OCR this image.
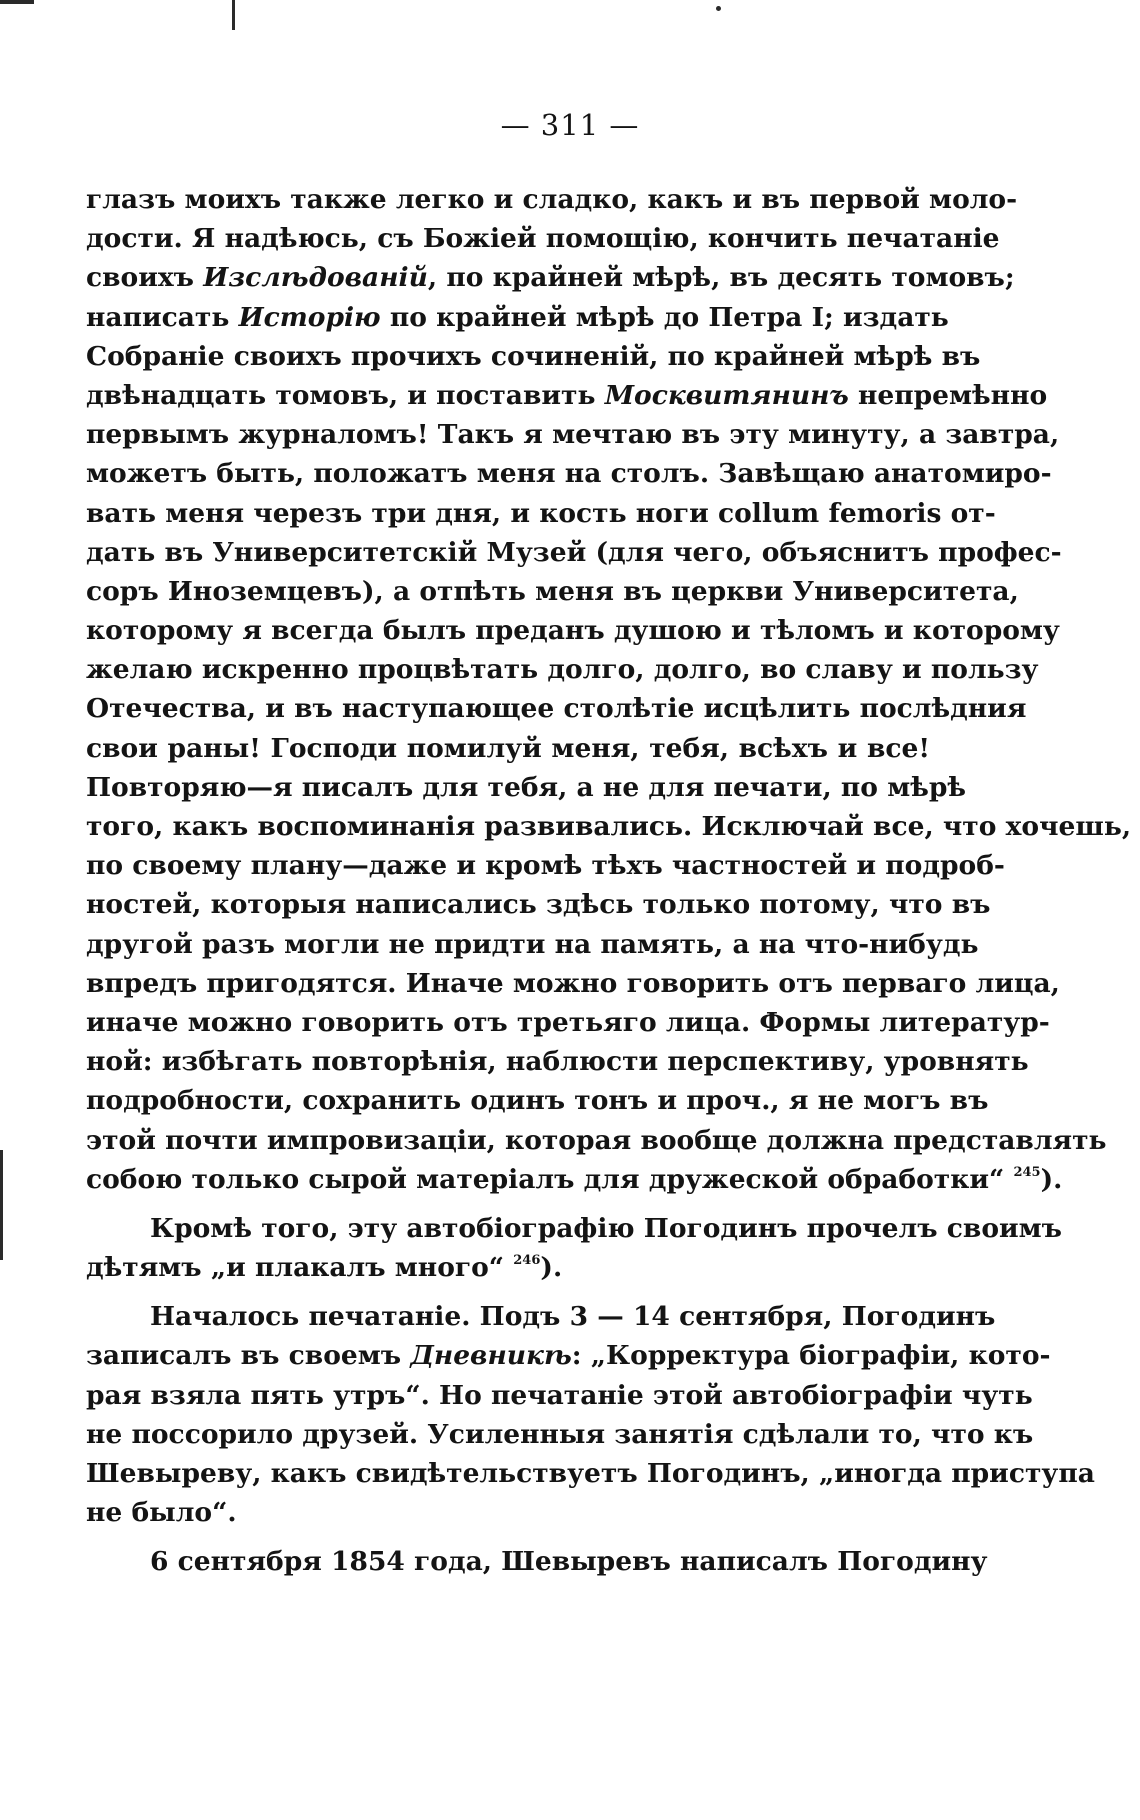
— 311 —
глазъ моихъ также легко и сладко, какъ и въ первой моло-
дости. Я надѣюсь, съ Божіей помощію, кончить печатаніе
своихъ Изслѣдованій, по крайней мѣрѣ, въ десять томовъ;
написать Исторію по крайней мѣрѣ до Петра I; издать
Собраніе своихъ прочихъ сочиненій, по крайней мѣрѣ въ
двѣнадцать томовъ, и поставить Москвитянинъ непремѣнно
первымъ журналомъ! Такъ я мечтаю въ эту минуту, а завтра,
можетъ быть, положатъ меня на столъ. Завѣщаю анатомиро-
вать меня черезъ три дня, и кость ноги collum femoris от-
дать въ Университетскій Музей (для чего, объяснитъ профес-
соръ Иноземцевъ), а отпѣть меня въ церкви Университета,
которому я всегда былъ преданъ душою и тѣломъ и которому
желаю искренно процвѣтать долго, долго, во славу и пользу
Отечества, и въ наступающее столѣтіе исцѣлить послѣдния
свои раны! Господи помилуй меня, тебя, всѣхъ и все!
Повторяю—я писалъ для тебя, а не для печати, по мѣрѣ
того, какъ воспоминанія развивались. Исключай все, что хочешь,
по своему плану—даже и кромѣ тѣхъ частностей и подроб-
ностей, которыя написались здѣсь только потому, что въ
другой разъ могли не придти на память, а на что-нибудь
впредъ пригодятся. Иначе можно говорить отъ перваго лица,
иначе можно говорить отъ третьяго лица. Формы литератур-
ной: избѣгать повторѣнія, наблюсти перспективу, уровнять
подробности, сохранить одинъ тонъ и проч., я не могъ въ
этой почти импровизаціи, которая вообще должна представлять
собою только сырой матеріалъ для дружеской обработки“ $^{245}$).
Кромѣ того, эту автобіографію Погодинъ прочелъ своимъ
дѣтямъ „и плакалъ много“ $^{246}$).
Началось печатаніе. Подъ 3 — 14 сентября, Погодинъ
записалъ въ своемъ Дневникѣ: „Корректура біографіи, кото-
рая взяла пять утръ“. Но печатаніе этой автобіографіи чуть
не поссорило друзей. Усиленныя занятія сдѣлали то, что къ
Шевыреву, какъ свидѣтельствуетъ Погодинъ, „иногда приступа
не было“.
6 сентября 1854 года, Шевыревъ написалъ Погодину
